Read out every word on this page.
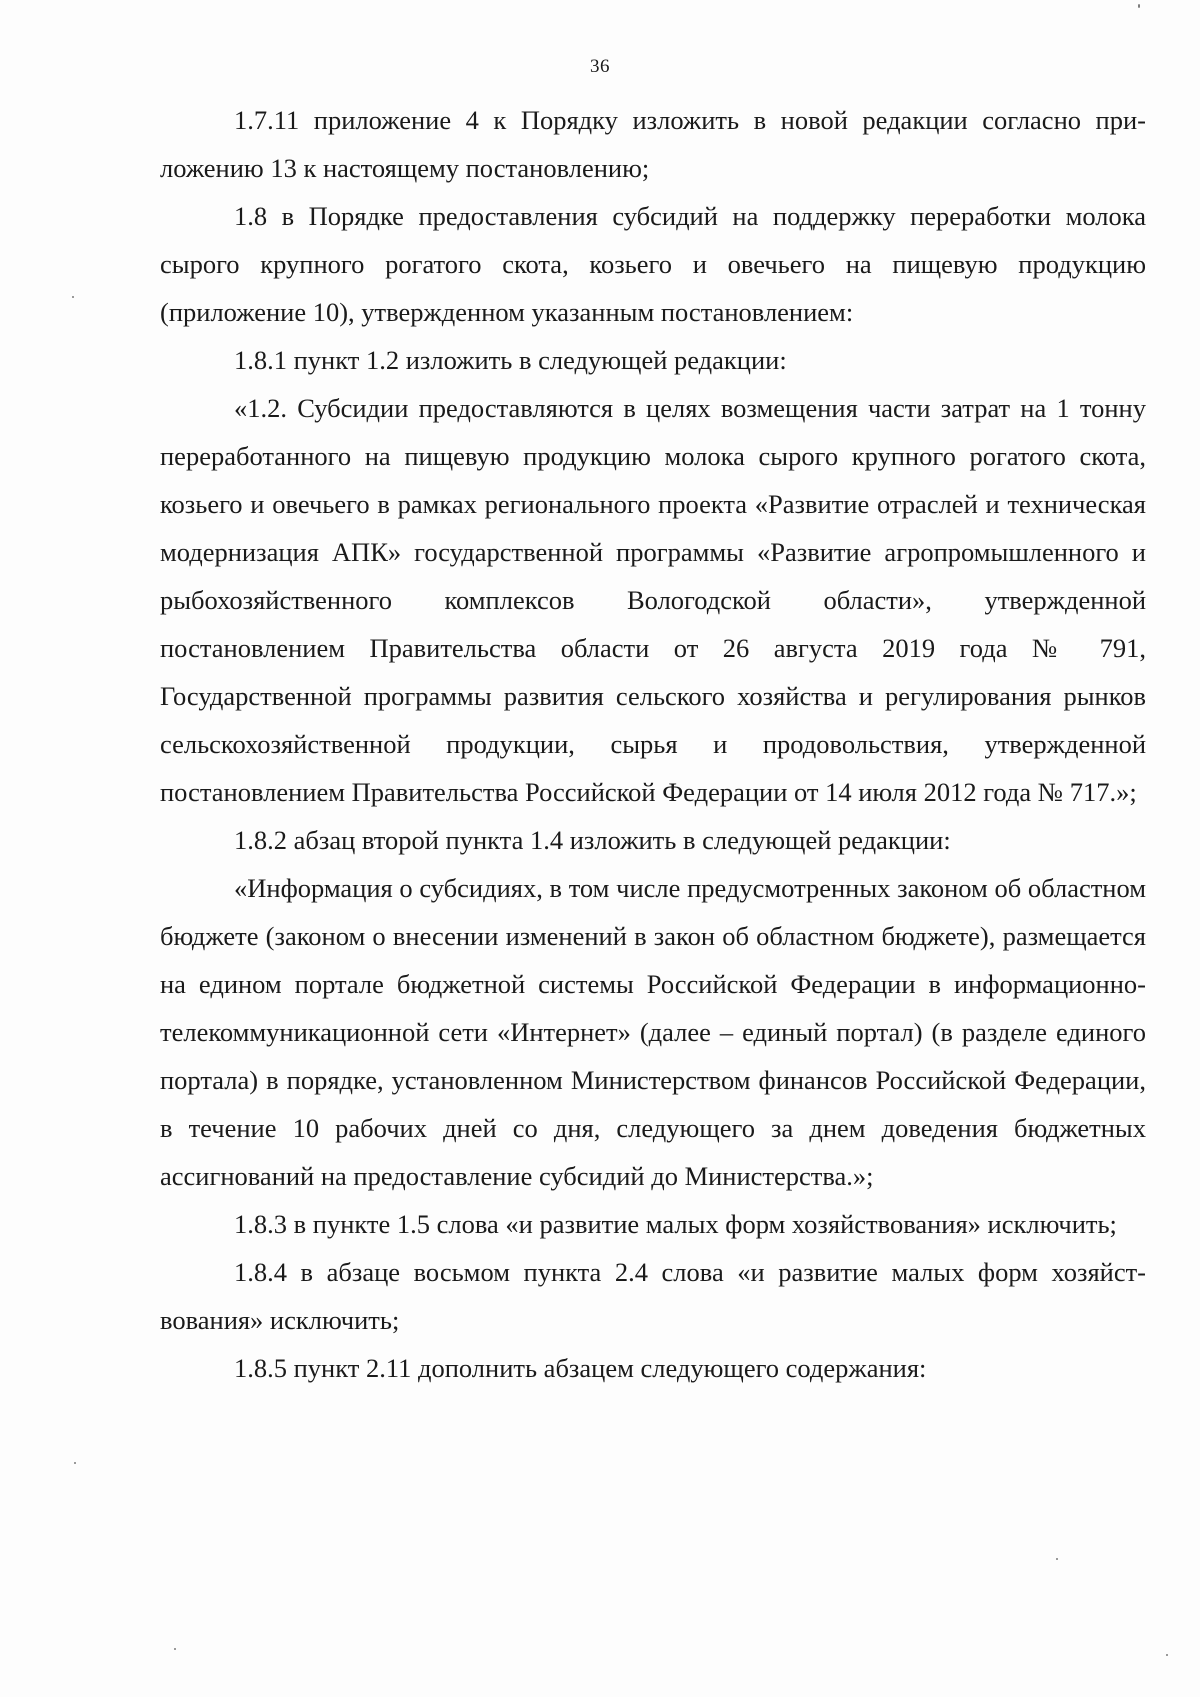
36

1.7.11 приложение 4 к Порядку изложить в новой редакции согласно приложению 13 к настоящему постановлению;

1.8 в Порядке предоставления субсидий на поддержку переработки молока сырого крупного рогатого скота, козьего и овечьего на пищевую продукцию (приложение 10), утвержденном указанным постановлением:

1.8.1 пункт 1.2 изложить в следующей редакции:

«1.2. Субсидии предоставляются в целях возмещения части затрат на 1 тонну переработанного на пищевую продукцию молока сырого крупного рогатого скота, козьего и овечьего в рамках регионального проекта «Развитие отраслей и техническая модернизация АПК» государственной программы «Развитие агропромышленного и рыбохозяйственного комплексов Вологодской области», утвержденной постановлением Правительства области от 26 августа 2019 года № 791, Государственной программы развития сельского хозяйства и регулирования рынков сельскохозяйственной продукции, сырья и продовольствия, утвержденной постановлением Правительства Российской Федерации от 14 июля 2012 года № 717.»;

1.8.2 абзац второй пункта 1.4 изложить в следующей редакции:

«Информация о субсидиях, в том числе предусмотренных законом об областном бюджете (законом о внесении изменений в закон об областном бюджете), размещается на едином портале бюджетной системы Российской Федерации в информационно-телекоммуникационной сети «Интернет» (далее – единый портал) (в разделе единого портала) в порядке, установленном Министерством финансов Российской Федерации, в течение 10 рабочих дней со дня, следующего за днем доведения бюджетных ассигнований на предоставление субсидий до Министерства.»;

1.8.3 в пункте 1.5 слова «и развитие малых форм хозяйствования» исключить;

1.8.4 в абзаце восьмом пункта 2.4 слова «и развитие малых форм хозяйствования» исключить;

1.8.5 пункт 2.11 дополнить абзацем следующего содержания:
